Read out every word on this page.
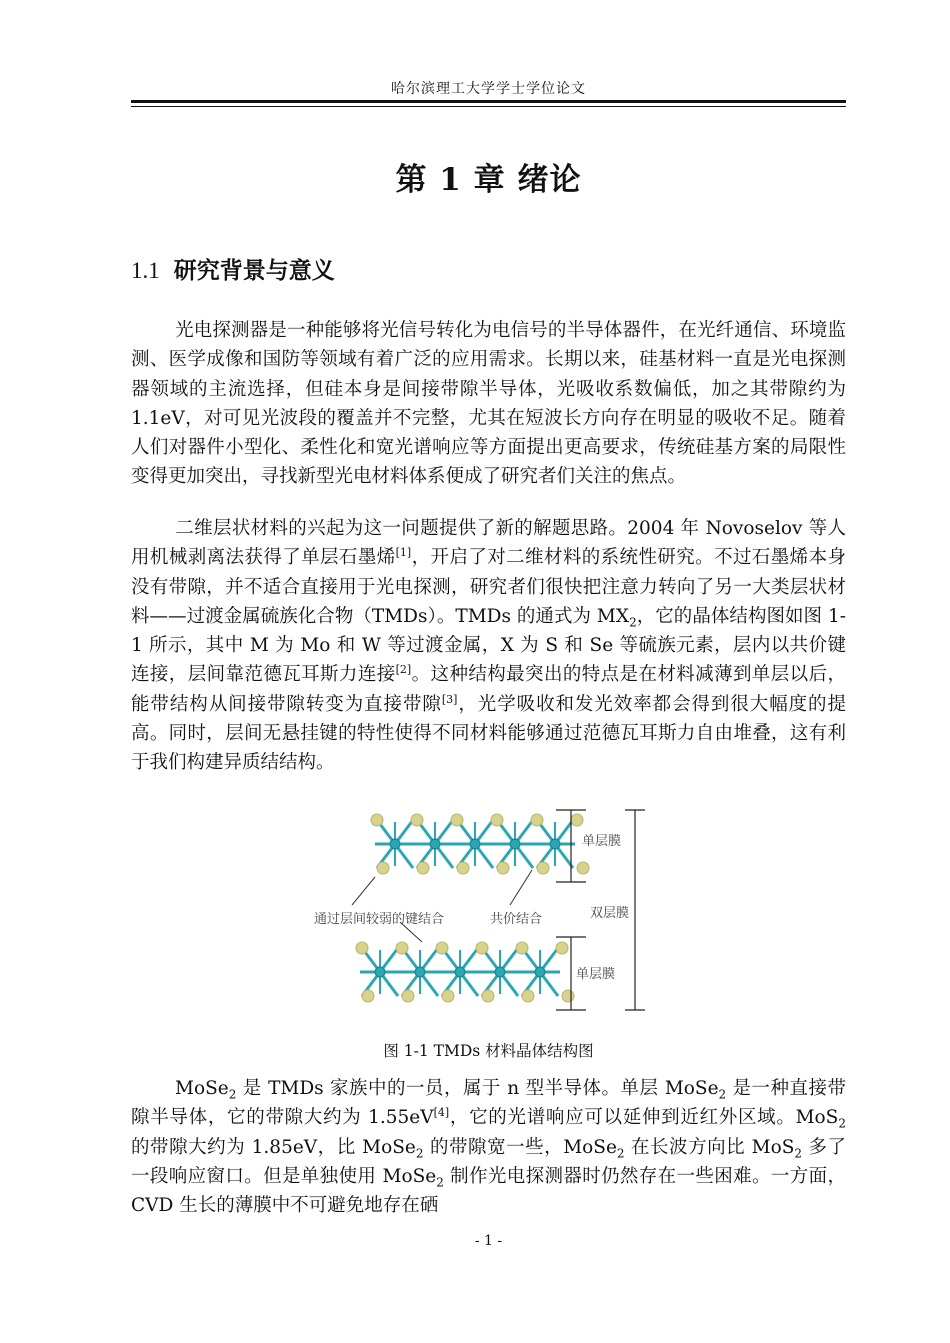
哈尔滨理工大学学士学位论文
第 1 章 绪论
1.1 研究背景与意义

光电探测器是一种能够将光信号转化为电信号的半导体器件，在光纤通信、环境监测、医学成像和国防等领域有着广泛的应用需求。长期以来，硅基材料一直是光电探测器领域的主流选择，但硅本身是间接带隙半导体，光吸收系数偏低，加之其带隙约为 1.1eV，对可见光波段的覆盖并不完整，尤其在短波长方向存在明显的吸收不足。随着人们对器件小型化、柔性化和宽光谱响应等方面提出更高要求，传统硅基方案的局限性变得更加突出，寻找新型光电材料体系便成了研究者们关注的焦点。

二维层状材料的兴起为这一问题提供了新的解题思路。2004 年 Novoselov 等人用机械剥离法获得了单层石墨烯[1]，开启了对二维材料的系统性研究。不过石墨烯本身没有带隙，并不适合直接用于光电探测，研究者们很快把注意力转向了另一大类层状材料——过渡金属硫族化合物（TMDs）。TMDs 的通式为 $MX_2$，它的晶体结构图如图 1-1 所示，其中 M 为 Mo 和 W 等过渡金属，X 为 S 和 Se 等硫族元素，层内以共价键连接，层间靠范德瓦耳斯力连接[2]。这种结构最突出的特点是在材料减薄到单层以后，能带结构从间接带隙转变为直接带隙[3]，光学吸收和发光效率都会得到很大幅度的提高。同时，层间无悬挂键的特性使得不同材料能够通过范德瓦耳斯力自由堆叠，这有利于我们构建异质结结构。

单层膜
双层膜
单层膜
通过层间较弱的键结合	共价结合
图 1-1 TMDs 材料晶体结构图

MoSe$_2$ 是 TMDs 家族中的一员，属于 n 型半导体。单层 MoSe$_2$ 是一种直接带隙半导体，它的带隙大约为 1.55eV[4]，它的光谱响应可以延伸到近红外区域。MoS$_2$ 的带隙大约为 1.85eV，比 MoSe$_2$ 的带隙宽一些，MoSe$_2$ 在长波方向比 MoS$_2$ 多了一段响应窗口。但是单独使用 MoSe$_2$ 制作光电探测器时仍然存在一些困难。一方面，CVD 生长的薄膜中不可避免地存在硒

- 1 -
